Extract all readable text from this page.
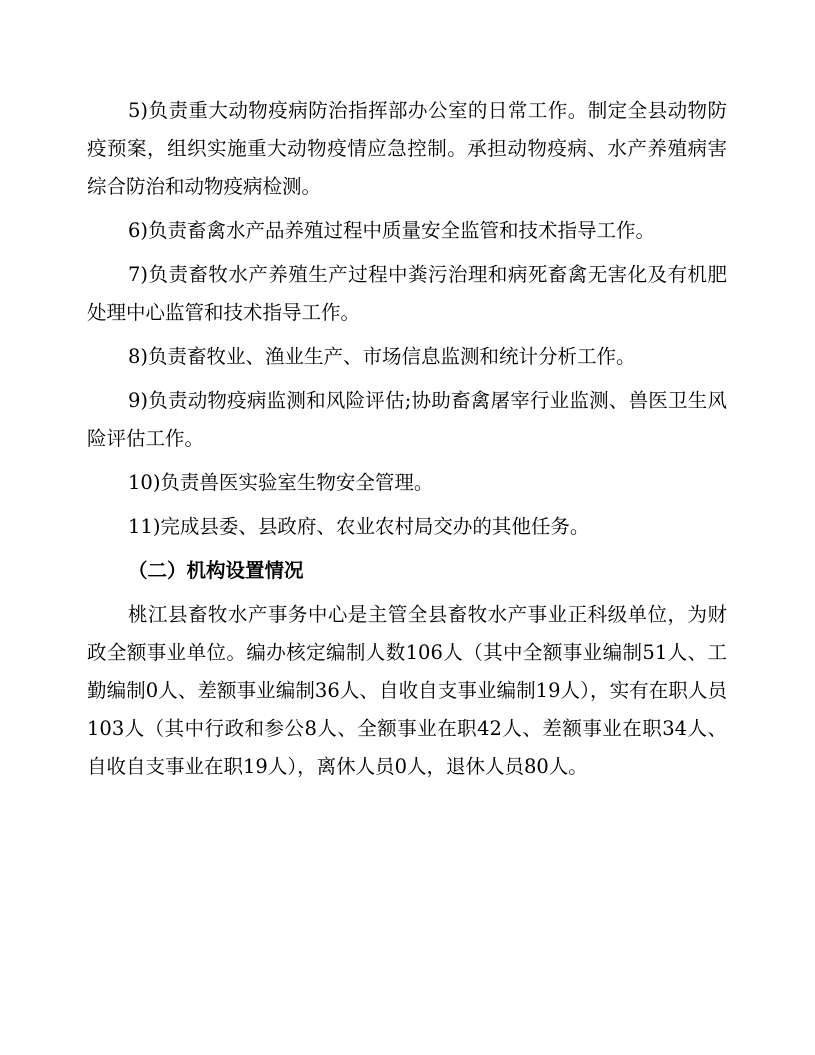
5)负责重大动物疫病防治指挥部办公室的日常工作。制定全县动物防疫预案，组织实施重大动物疫情应急控制。承担动物疫病、水产养殖病害综合防治和动物疫病检测。

6)负责畜禽水产品养殖过程中质量安全监管和技术指导工作。

7)负责畜牧水产养殖生产过程中粪污治理和病死畜禽无害化及有机肥处理中心监管和技术指导工作。

8)负责畜牧业、渔业生产、市场信息监测和统计分析工作。

9)负责动物疫病监测和风险评估;协助畜禽屠宰行业监测、兽医卫生风险评估工作。

10)负责兽医实验室生物安全管理。

11)完成县委、县政府、农业农村局交办的其他任务。

（二）机构设置情况

桃江县畜牧水产事务中心是主管全县畜牧水产事业正科级单位，为财政全额事业单位。编办核定编制人数106人（其中全额事业编制51人、工勤编制0人、差额事业编制36人、自收自支事业编制19人），实有在职人员103人（其中行政和参公8人、全额事业在职42人、差额事业在职34人、自收自支事业在职19人），离休人员0人，退休人员80人。
